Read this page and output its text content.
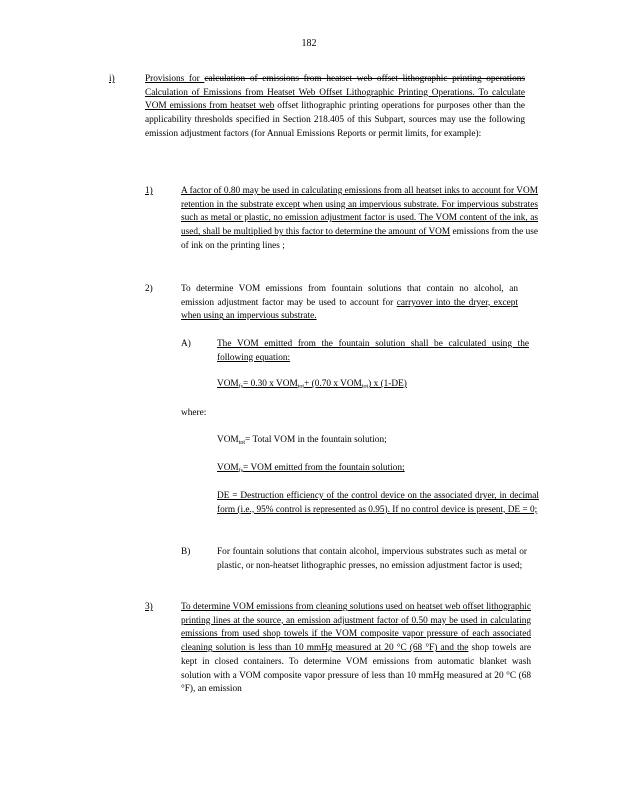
182
i)	Provisions for calculation of emissions from heatset web offset lithographic printing operations Calculation of Emissions from Heatset Web Offset Lithographic Printing Operations. To calculate VOM emissions from heatset web offset lithographic printing operations for purposes other than the applicability thresholds specified in Section 218.405 of this Subpart, sources may use the following emission adjustment factors (for Annual Emissions Reports or permit limits, for example):

1)	A factor of 0.80 may be used in calculating emissions from all heatset inks to account for VOM retention in the substrate except when using an impervious substrate. For impervious substrates such as metal or plastic, no emission adjustment factor is used. The VOM content of the ink, as used, shall be multiplied by this factor to determine the amount of VOM emissions from the use of ink on the printing lines ;

2)	To determine VOM emissions from fountain solutions that contain no alcohol, an emission adjustment factor may be used to account for carryover into the dryer, except when using an impervious substrate.

A)	The VOM emitted from the fountain solution shall be calculated using the following equation:

$VOM_{fs}= 0.30$ x $VOM_{tot}+ (0.70$ x $VOM_{tot}$) x (1-DE)
where:
$VOM_{tot}=$ Total VOM in the fountain solution;
$VOM_{fs}=$ VOM emitted from the fountain solution;

DE = Destruction efficiency of the control device on the associated dryer, in decimal form (i.e., 95% control is represented as 0.95). If no control device is present, DE = 0;

B)	For fountain solutions that contain alcohol, impervious substrates such as metal or plastic, or non-heatset lithographic presses, no emission adjustment factor is used;

3)	To determine VOM emissions from cleaning solutions used on heatset web offset lithographic printing lines at the source, an emission adjustment factor of 0.50 may be used in calculating emissions from used shop towels if the VOM composite vapor pressure of each associated cleaning solution is less than 10 mmHg measured at 20 °C (68 °F) and the shop towels are kept in closed containers. To determine VOM emissions from automatic blanket wash solution with a VOM composite vapor pressure of less than 10 mmHg measured at 20 °C (68 °F), an emission
